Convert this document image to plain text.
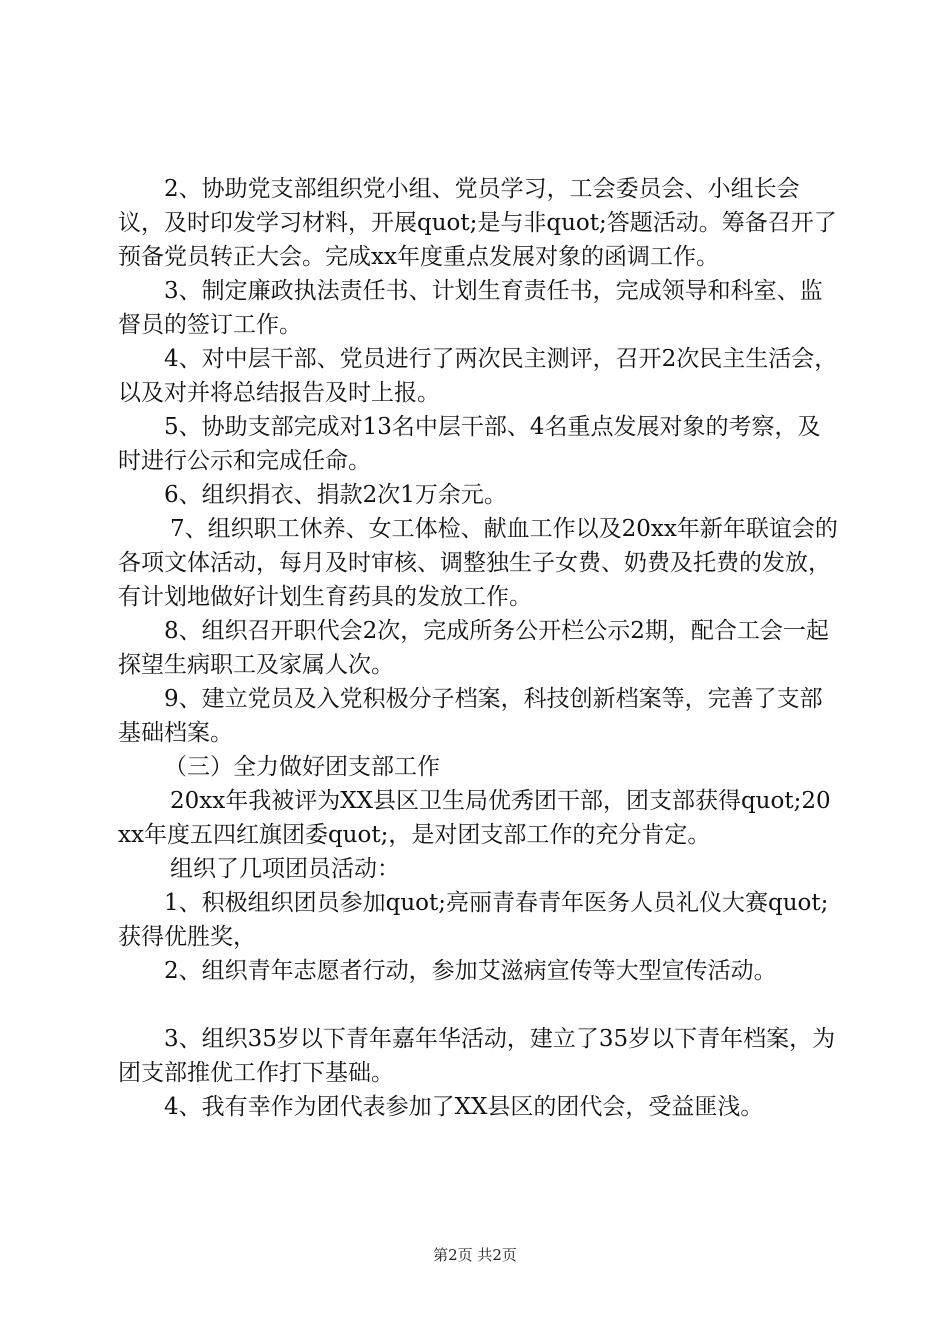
2、协助党支部组织党小组、党员学习，工会委员会、小组长会议，及时印发学习材料，开展quot;是与非quot;答题活动。筹备召开了预备党员转正大会。完成xx年度重点发展对象的函调工作。

3、制定廉政执法责任书、计划生育责任书，完成领导和科室、监督员的签订工作。

4、对中层干部、党员进行了两次民主测评，召开2次民主生活会，以及对并将总结报告及时上报。

5、协助支部完成对13名中层干部、4名重点发展对象的考察，及时进行公示和完成任命。

6、组织捐衣、捐款2次1万余元。

7、组织职工休养、女工体检、献血工作以及20xx年新年联谊会的各项文体活动，每月及时审核、调整独生子女费、奶费及托费的发放，有计划地做好计划生育药具的发放工作。

8、组织召开职代会2次，完成所务公开栏公示2期，配合工会一起探望生病职工及家属人次。

9、建立党员及入党积极分子档案，科技创新档案等，完善了支部基础档案。

（三）全力做好团支部工作

20xx年我被评为XX县区卫生局优秀团干部，团支部获得quot;20xx年度五四红旗团委quot;，是对团支部工作的充分肯定。

组织了几项团员活动：

1、积极组织团员参加quot;亮丽青春青年医务人员礼仪大赛quot;获得优胜奖，

2、组织青年志愿者行动，参加艾滋病宣传等大型宣传活动。

3、组织35岁以下青年嘉年华活动，建立了35岁以下青年档案，为团支部推优工作打下基础。

4、我有幸作为团代表参加了XX县区的团代会，受益匪浅。

第2页 共2页
